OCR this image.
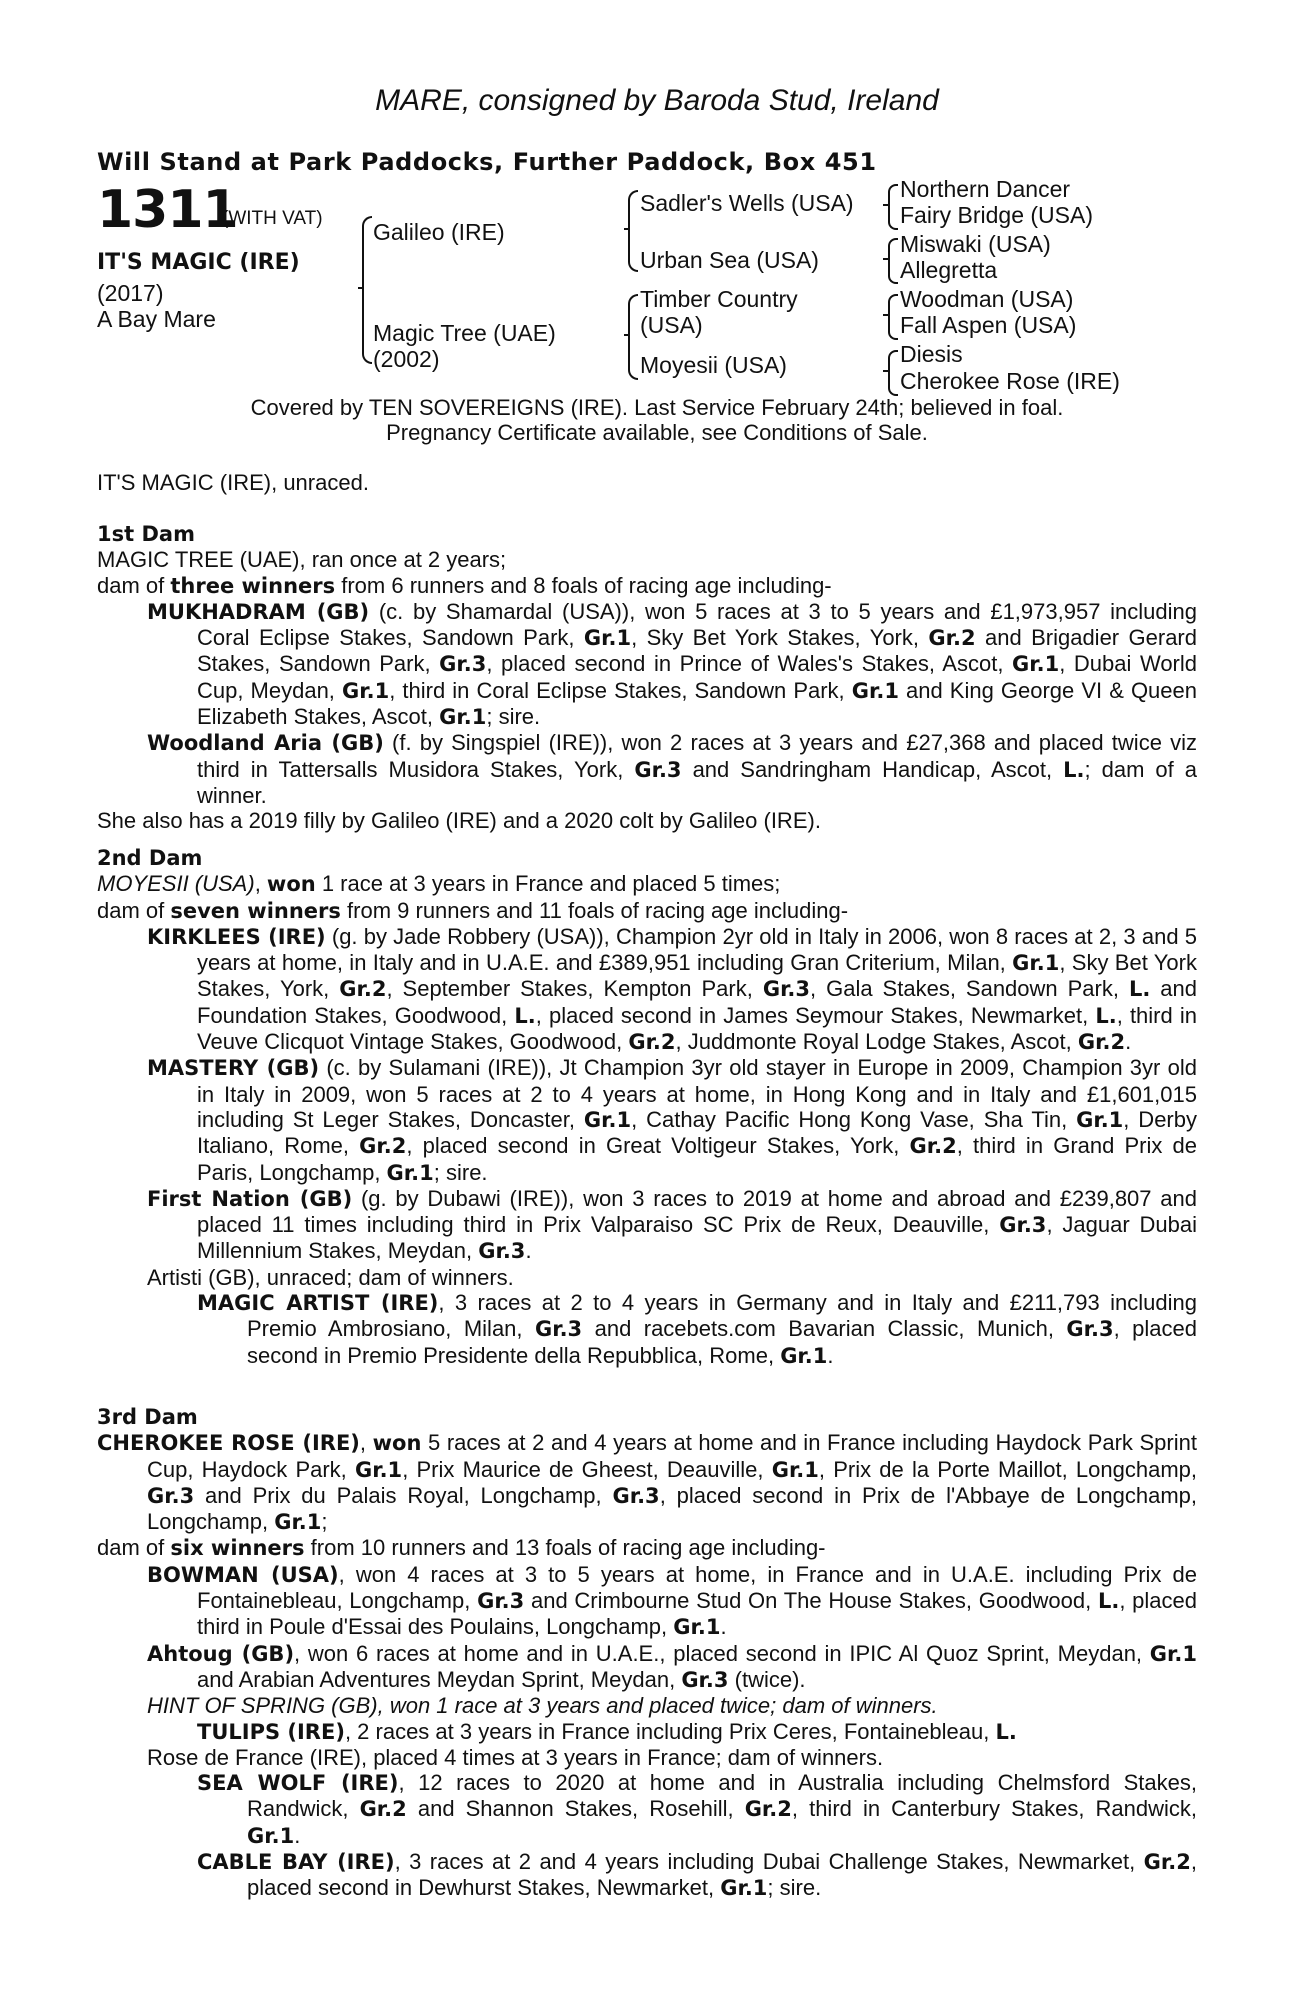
MARE, consigned by Baroda Stud, Ireland
Will Stand at Park Paddocks, Further Paddock, Box 451
1311
(WITH VAT)
IT'S MAGIC (IRE)
(2017)
A Bay Mare
Galileo (IRE)
Magic Tree (UAE)
(2002)
Sadler's Wells (USA)
Urban Sea (USA)
Timber Country
(USA)
Moyesii (USA)
Northern Dancer
Fairy Bridge (USA)
Miswaki (USA)
Allegretta
Woodman (USA)
Fall Aspen (USA)
Diesis
Cherokee Rose (IRE)
Covered by TEN SOVEREIGNS (IRE). Last Service February 24th; believed in foal.
Pregnancy Certificate available, see Conditions of Sale.

IT'S MAGIC (IRE), unraced.

1st Dam

MAGIC TREE (UAE), ran once at 2 years;

dam of three winners from 6 runners and 8 foals of racing age including-

MUKHADRAM (GB) (c. by Shamardal (USA)), won 5 races at 3 to 5 years and £1,973,957 including Coral Eclipse Stakes, Sandown Park, Gr.1, Sky Bet York Stakes, York, Gr.2 and Brigadier Gerard Stakes, Sandown Park, Gr.3, placed second in Prince of Wales's Stakes, Ascot, Gr.1, Dubai World Cup, Meydan, Gr.1, third in Coral Eclipse Stakes, Sandown Park, Gr.1 and King George VI & Queen Elizabeth Stakes, Ascot, Gr.1; sire.

Woodland Aria (GB) (f. by Singspiel (IRE)), won 2 races at 3 years and £27,368 and placed twice viz third in Tattersalls Musidora Stakes, York, Gr.3 and Sandringham Handicap, Ascot, L.; dam of a winner.

She also has a 2019 filly by Galileo (IRE) and a 2020 colt by Galileo (IRE).

2nd Dam

MOYESII (USA), won 1 race at 3 years in France and placed 5 times;

dam of seven winners from 9 runners and 11 foals of racing age including-

KIRKLEES (IRE) (g. by Jade Robbery (USA)), Champion 2yr old in Italy in 2006, won 8 races at 2, 3 and 5 years at home, in Italy and in U.A.E. and £389,951 including Gran Criterium, Milan, Gr.1, Sky Bet York Stakes, York, Gr.2, September Stakes, Kempton Park, Gr.3, Gala Stakes, Sandown Park, L. and Foundation Stakes, Goodwood, L., placed second in James Seymour Stakes, Newmarket, L., third in Veuve Clicquot Vintage Stakes, Goodwood, Gr.2, Juddmonte Royal Lodge Stakes, Ascot, Gr.2.

MASTERY (GB) (c. by Sulamani (IRE)), Jt Champion 3yr old stayer in Europe in 2009, Champion 3yr old in Italy in 2009, won 5 races at 2 to 4 years at home, in Hong Kong and in Italy and £1,601,015 including St Leger Stakes, Doncaster, Gr.1, Cathay Pacific Hong Kong Vase, Sha Tin, Gr.1, Derby Italiano, Rome, Gr.2, placed second in Great Voltigeur Stakes, York, Gr.2, third in Grand Prix de Paris, Longchamp, Gr.1; sire.

First Nation (GB) (g. by Dubawi (IRE)), won 3 races to 2019 at home and abroad and £239,807 and placed 11 times including third in Prix Valparaiso SC Prix de Reux, Deauville, Gr.3, Jaguar Dubai Millennium Stakes, Meydan, Gr.3.

Artisti (GB), unraced; dam of winners.

MAGIC ARTIST (IRE), 3 races at 2 to 4 years in Germany and in Italy and £211,793 including Premio Ambrosiano, Milan, Gr.3 and racebets.com Bavarian Classic, Munich, Gr.3, placed second in Premio Presidente della Repubblica, Rome, Gr.1.

3rd Dam

CHEROKEE ROSE (IRE), won 5 races at 2 and 4 years at home and in France including Haydock Park Sprint Cup, Haydock Park, Gr.1, Prix Maurice de Gheest, Deauville, Gr.1, Prix de la Porte Maillot, Longchamp, Gr.3 and Prix du Palais Royal, Longchamp, Gr.3, placed second in Prix de l'Abbaye de Longchamp, Longchamp, Gr.1;

dam of six winners from 10 runners and 13 foals of racing age including-

BOWMAN (USA), won 4 races at 3 to 5 years at home, in France and in U.A.E. including Prix de Fontainebleau, Longchamp, Gr.3 and Crimbourne Stud On The House Stakes, Goodwood, L., placed third in Poule d'Essai des Poulains, Longchamp, Gr.1.

Ahtoug (GB), won 6 races at home and in U.A.E., placed second in IPIC Al Quoz Sprint, Meydan, Gr.1 and Arabian Adventures Meydan Sprint, Meydan, Gr.3 (twice).

HINT OF SPRING (GB), won 1 race at 3 years and placed twice; dam of winners.

TULIPS (IRE), 2 races at 3 years in France including Prix Ceres, Fontainebleau, L.

Rose de France (IRE), placed 4 times at 3 years in France; dam of winners.

SEA WOLF (IRE), 12 races to 2020 at home and in Australia including Chelmsford Stakes, Randwick, Gr.2 and Shannon Stakes, Rosehill, Gr.2, third in Canterbury Stakes, Randwick, Gr.1.

CABLE BAY (IRE), 3 races at 2 and 4 years including Dubai Challenge Stakes, Newmarket, Gr.2, placed second in Dewhurst Stakes, Newmarket, Gr.1; sire.
